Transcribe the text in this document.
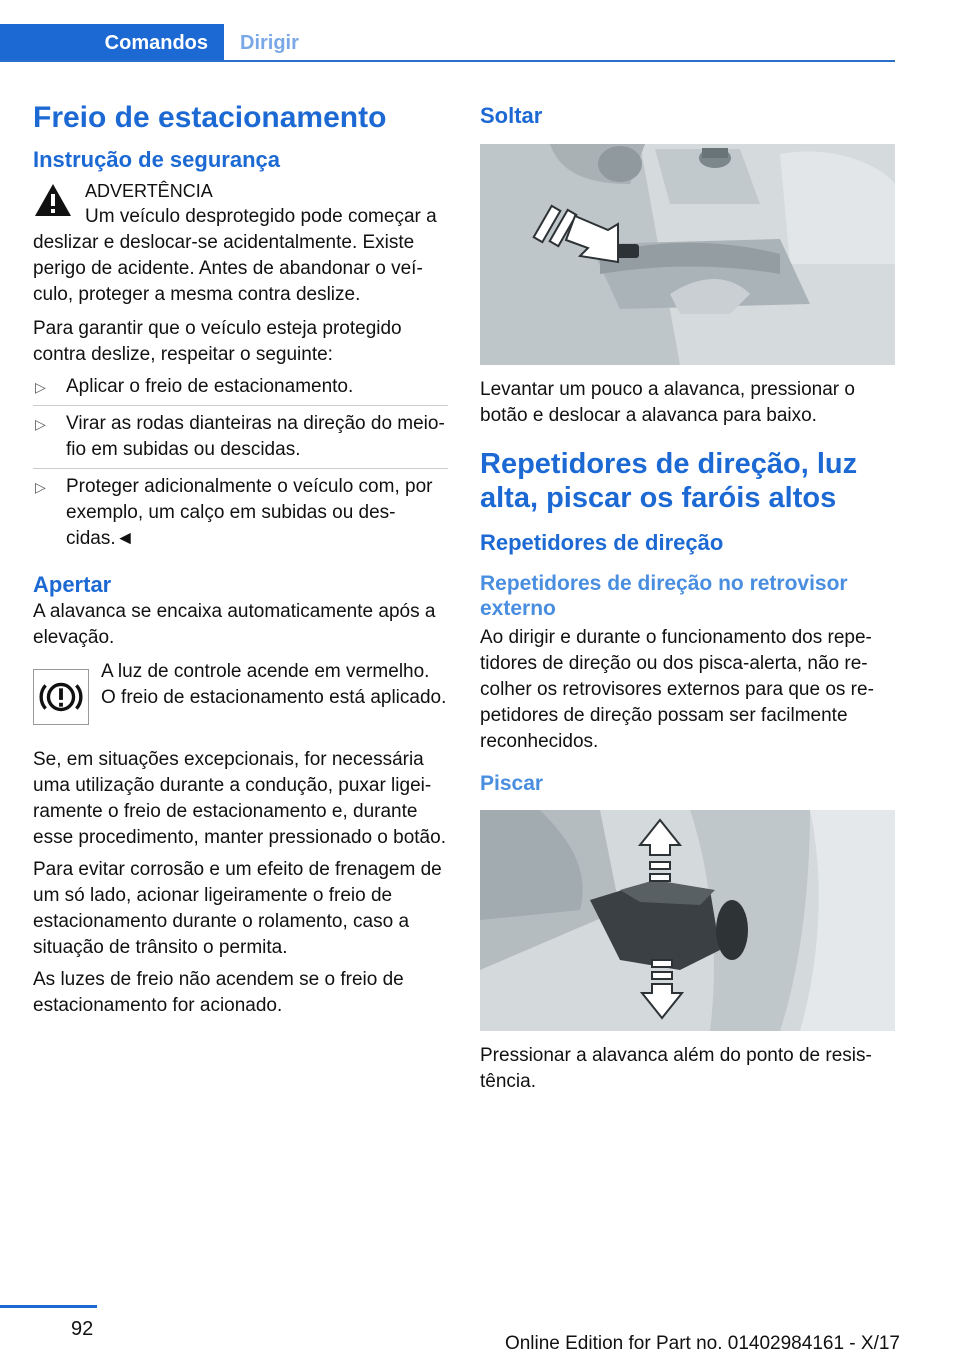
Comandos	Dirigir
Freio de estacionamento
Instrução de segurança
ADVERTÊNCIA
Um veículo desprotegido pode começar a deslizar e deslocar-se acidentalmente. Existe perigo de acidente. Antes de abandonar o veículo, proteger a mesma contra deslize.
Para garantir que o veículo esteja protegido contra deslize, respeitar o seguinte:
▷ Aplicar o freio de estacionamento.
▷ Virar as rodas dianteiras na direção do meio-fio em subidas ou descidas.
▷ Proteger adicionalmente o veículo com, por exemplo, um calço em subidas ou descidas.◄
Apertar
A alavanca se encaixa automaticamente após a elevação.
A luz de controle acende em vermelho. O freio de estacionamento está aplicado.
Se, em situações excepcionais, for necessária uma utilização durante a condução, puxar ligeiramente o freio de estacionamento e, durante esse procedimento, manter pressionado o botão.
Para evitar corrosão e um efeito de frenagem de um só lado, acionar ligeiramente o freio de estacionamento durante o rolamento, caso a situação de trânsito o permita.
As luzes de freio não acendem se o freio de estacionamento for acionado.
Soltar
Levantar um pouco a alavanca, pressionar o botão e deslocar a alavanca para baixo.
Repetidores de direção, luz alta, piscar os faróis altos
Repetidores de direção
Repetidores de direção no retrovisor externo
Ao dirigir e durante o funcionamento dos repetidores de direção ou dos pisca-alerta, não recolher os retrovisores externos para que os repetidores de direção possam ser facilmente reconhecidos.
Piscar
Pressionar a alavanca além do ponto de resistência.
92
Online Edition for Part no. 01402984161 - X/17
